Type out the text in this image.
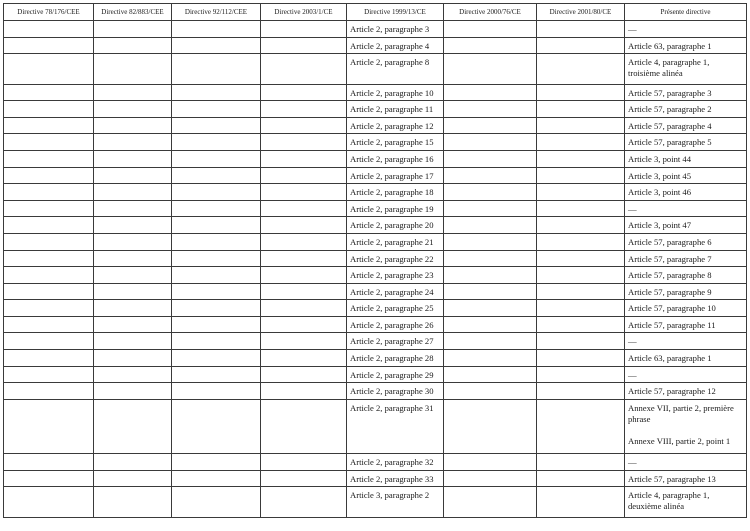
Directive 78/176/CEE	Directive 82/883/CEE	Directive 92/112/CEE	Directive 2003/1/CE	Directive 1999/13/CE	Directive 2000/76/CE	Directive 2001/80/CE	Présente directive
				Article 2, paragraphe 3			—

				Article 2, paragraphe 4			Article 63, paragraphe 1

				Article 2, paragraphe 8			Article 4, paragraphe 1, troisième alinéa

				Article 2, paragraphe 10			Article 57, paragraphe 3

				Article 2, paragraphe 11			Article 57, paragraphe 2

				Article 2, paragraphe 12			Article 57, paragraphe 4

				Article 2, paragraphe 15			Article 57, paragraphe 5

				Article 2, paragraphe 16			Article 3, point 44

				Article 2, paragraphe 17			Article 3, point 45

				Article 2, paragraphe 18			Article 3, point 46

				Article 2, paragraphe 19			—

				Article 2, paragraphe 20			Article 3, point 47

				Article 2, paragraphe 21			Article 57, paragraphe 6

				Article 2, paragraphe 22			Article 57, paragraphe 7

				Article 2, paragraphe 23			Article 57, paragraphe 8

				Article 2, paragraphe 24			Article 57, paragraphe 9

				Article 2, paragraphe 25			Article 57, paragraphe 10

				Article 2, paragraphe 26			Article 57, paragraphe 11

				Article 2, paragraphe 27			—

				Article 2, paragraphe 28			Article 63, paragraphe 1

				Article 2, paragraphe 29			—

				Article 2, paragraphe 30			Article 57, paragraphe 12

				Article 2, paragraphe 31			Annexe VII, partie 2, première phrase
Annexe VIII, partie 2, point 1

				Article 2, paragraphe 32			—

				Article 2, paragraphe 33			Article 57, paragraphe 13

				Article 3, paragraphe 2			Article 4, paragraphe 1, deuxième alinéa
